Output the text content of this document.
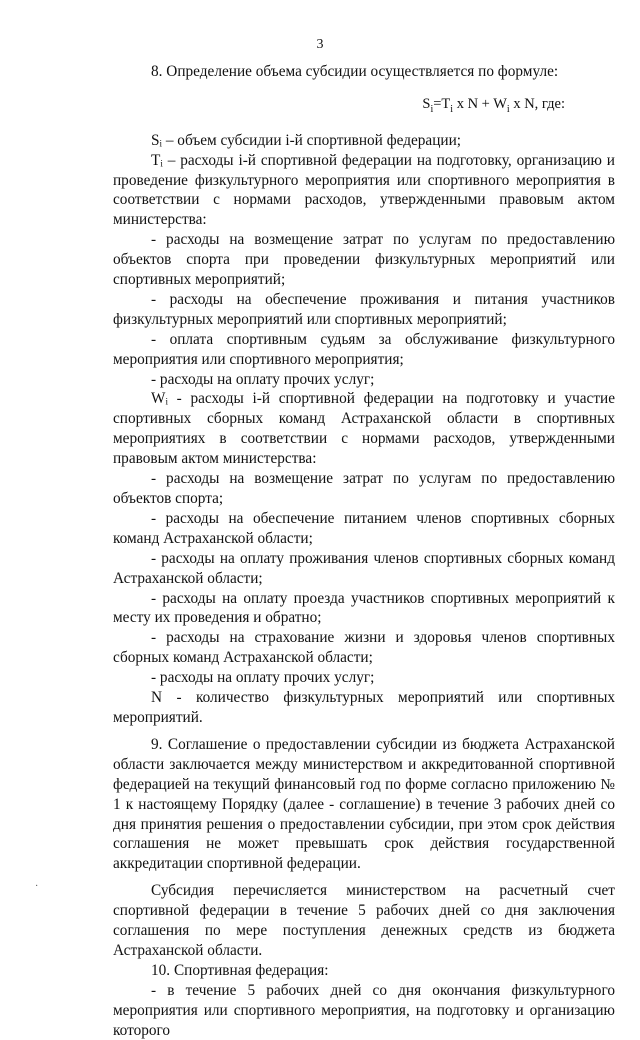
3

8. Определение объема субсидии осуществляется по формуле:

$S_i=T_i$ x $N + W_i$ x N, где:

Sᵢ – объем субсидии i-й спортивной федерации;

Tᵢ – расходы i-й спортивной федерации на подготовку, организацию и проведение физкультурного мероприятия или спортивного мероприятия в соответствии с нормами расходов, утвержденными правовым актом министерства:

- расходы на возмещение затрат по услугам по предоставлению объектов спорта при проведении физкультурных мероприятий или спортивных мероприятий;

- расходы на обеспечение проживания и питания участников физкультурных мероприятий или спортивных мероприятий;

- оплата спортивным судьям за обслуживание физкультурного мероприятия или спортивного мероприятия;

- расходы на оплату прочих услуг;

Wᵢ - расходы i-й спортивной федерации на подготовку и участие спортивных сборных команд Астраханской области в спортивных мероприятиях в соответствии с нормами расходов, утвержденными правовым актом министерства:

- расходы на возмещение затрат по услугам по предоставлению объектов спорта;

- расходы на обеспечение питанием членов спортивных сборных команд Астраханской области;

- расходы на оплату проживания членов спортивных сборных команд Астраханской области;

- расходы на оплату проезда участников спортивных мероприятий к месту их проведения и обратно;

- расходы на страхование жизни и здоровья членов спортивных сборных команд Астраханской области;

- расходы на оплату прочих услуг;

N - количество физкультурных мероприятий или спортивных мероприятий.

9. Соглашение о предоставлении субсидии из бюджета Астраханской области заключается между министерством и аккредитованной спортивной федерацией на текущий финансовый год по форме согласно приложению № 1 к настоящему Порядку (далее - соглашение) в течение 3 рабочих дней со дня принятия решения о предоставлении субсидии, при этом срок действия соглашения не может превышать срок действия государственной аккредитации спортивной федерации.

Субсидия перечисляется министерством на расчетный счет спортивной федерации в течение 5 рабочих дней со дня заключения соглашения по мере поступления денежных средств из бюджета Астраханской области.

10. Спортивная федерация:

- в течение 5 рабочих дней со дня окончания физкультурного мероприятия или спортивного мероприятия, на подготовку и организацию которого

·
